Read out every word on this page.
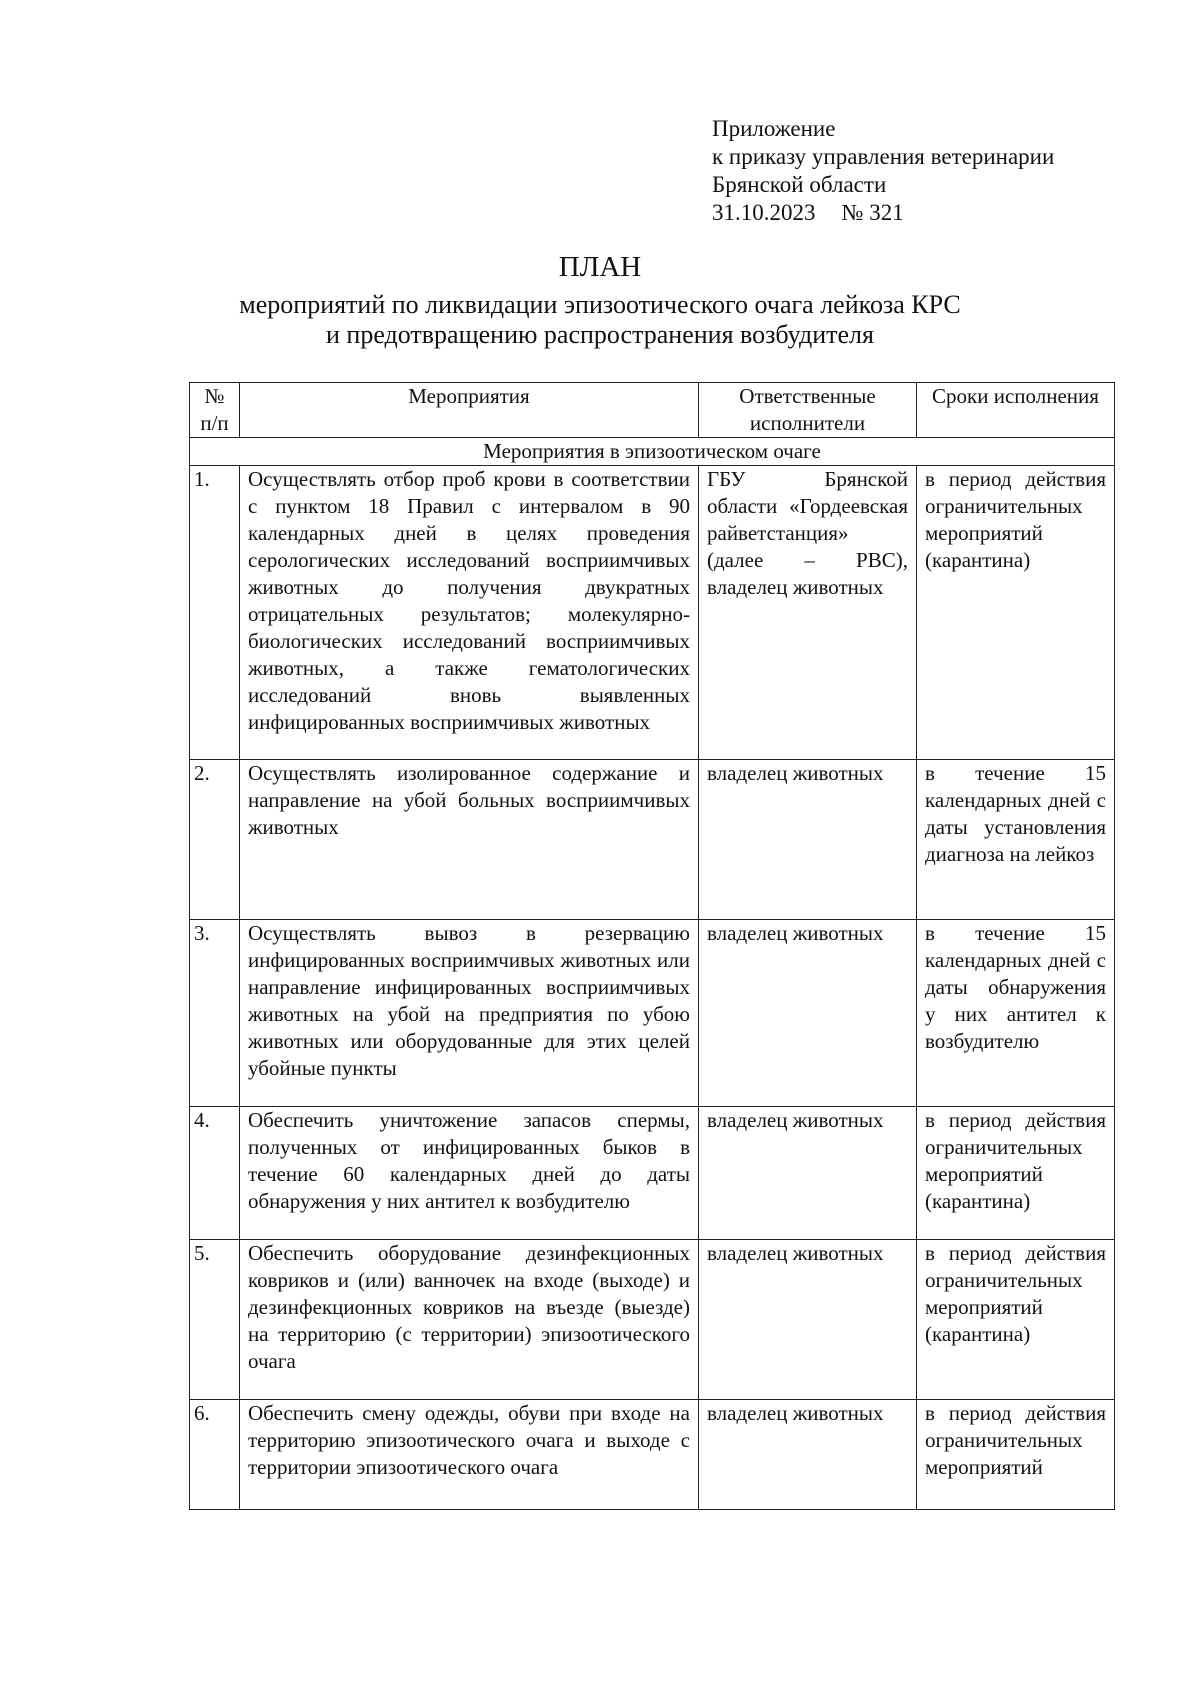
Приложение
к приказу управления ветеринарии
Брянской области
31.10.2023 № 321
ПЛАН
мероприятий по ликвидации эпизоотического очага лейкоза КРС
и предотвращению распространения возбудителя
№ п/п	Мероприятия	Ответственные исполнители	Сроки исполнения
Мероприятия в эпизоотическом очаге			
1.	Осуществлять отбор проб крови в соответствии с пунктом 18 Правил с интервалом в 90 календарных дней в целях проведения серологических исследований восприимчивых животных до получения двукратных отрицательных результатов; молекулярно-биологических исследований восприимчивых животных, а также гематологических исследований вновь выявленных инфицированных восприимчивых животных	ГБУ Брянской области «Гордеевская райветстанция» (далее – РВС), владелец животных	в период действия ограничительных мероприятий (карантина)
2.	Осуществлять изолированное содержание и направление на убой больных восприимчивых животных	владелец животных	в течение 15 календарных дней с даты установления диагноза на лейкоз
3.	Осуществлять вывоз в резервацию инфицированных восприимчивых животных или направление инфицированных восприимчивых животных на убой на предприятия по убою животных или оборудованные для этих целей убойные пункты	владелец животных	в течение 15 календарных дней с даты обнаружения у них антител к возбудителю
4.	Обеспечить уничтожение запасов спермы, полученных от инфицированных быков в течение 60 календарных дней до даты обнаружения у них антител к возбудителю	владелец животных	в период действия ограничительных мероприятий (карантина)
5.	Обеспечить оборудование дезинфекционных ковриков и (или) ванночек на входе (выходе) и дезинфекционных ковриков на въезде (выезде) на территорию (с территории) эпизоотического очага	владелец животных	в период действия ограничительных мероприятий (карантина)
6.	Обеспечить смену одежды, обуви при входе на территорию эпизоотического очага и выходе с территории эпизоотического очага	владелец животных	в период действия ограничительных мероприятий
